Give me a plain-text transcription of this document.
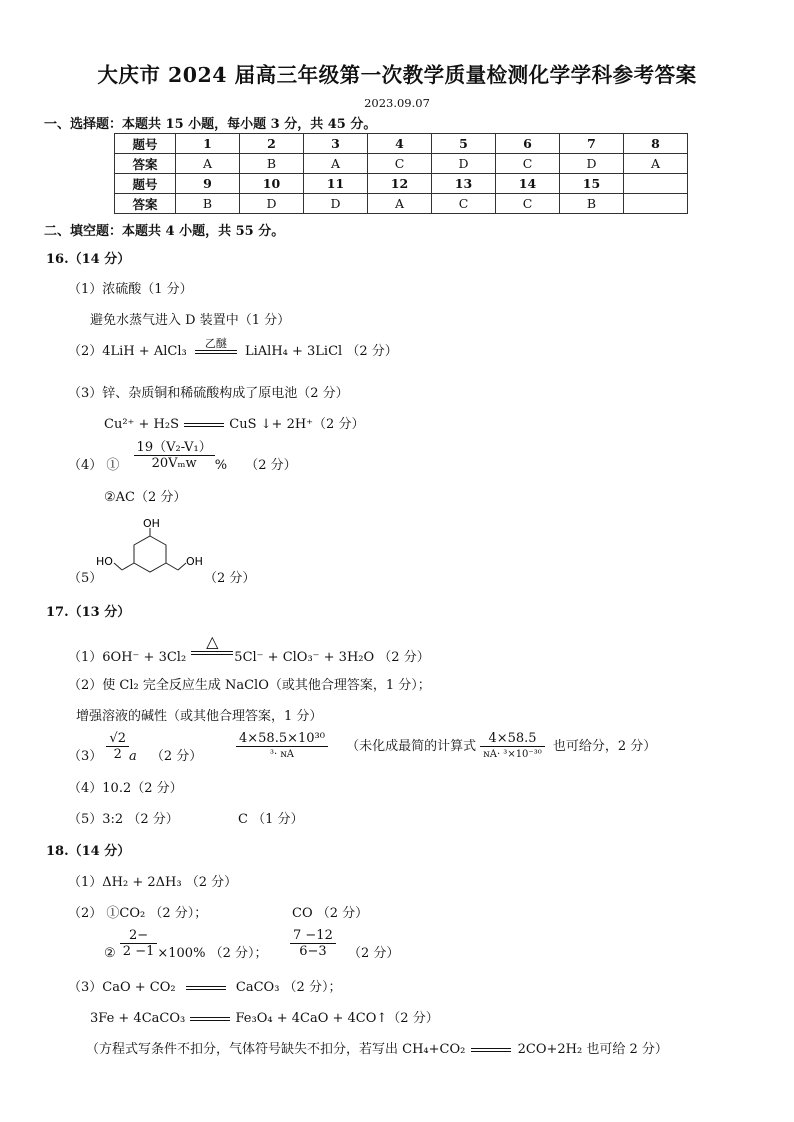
大庆市 2024 届高三年级第一次教学质量检测化学学科参考答案
2023.09.07
一、选择题：本题共 15 小题，每小题 3 分，共 45 分。
题号	1	2	3	4	5	6	7	8
答案	A	B	A	C	D	C	D	A
题号	9	10	11	12	13	14	15	
答案	B	D	D	A	C	C	B	
二、填空题：本题共 4 小题，共 55 分。
16.（14 分）
（1）浓硫酸（1 分）
避免水蒸气进入 D 装置中（1 分）
（2）4LiH + AlCl₃
乙醚
LiAlH₄ + 3LiCl （2 分）
（3）锌、杂质铜和稀硫酸构成了原电池（2 分）
Cu²⁺ + H₂S	CuS ↓+ 2H⁺（2 分）
（4） ① $\frac{\text{19（V₂-V₁）}}{\text{20Vₘw}}$ % （2 分）
②AC（2 分）
（5）
OH
HO	OH
（2 分）
17.（13 分）
（1）6OH⁻ + 3Cl₂
△
5Cl⁻ + ClO₃⁻ + 3H₂O （2 分）
（2）使 Cl₂ 完全反应生成 NaClO（或其他合理答案，1 分）；
增强溶液的碱性（或其他合理答案，1 分）
$(3) \frac{√2}{2}$ a （2 分）	$\frac{\text{4×58.5×10³⁰}}{\text{³· ɴA}}$ （未化成最简的计算式 $\frac{4\times 58.5}{\text{ɴA· ³×10⁻³⁰}}$ 也可给分，2 分）
（4）10.2（2 分）
（5）3:2 （2 分）	C （1 分）
18.（14 分）
（1）ΔH₂ + 2ΔH₃ （2 分）
（2） ①CO₂ （2 分）；	CO （2 分）
② $\frac{2-}{2 -1} \times 100\%$ （2 分）； $\frac{7 -12}{6-3} (2$ 分）
（3）CaO + CO₂	CaCO₃ （2 分）；
3Fe + 4CaCO₃	Fe₃O₄ + 4CaO + 4CO↑（2 分）
（方程式写条件不扣分，气体符号缺失不扣分，若写出 CH₄+CO₂	2CO+2H₂ 也可给 2 分）
